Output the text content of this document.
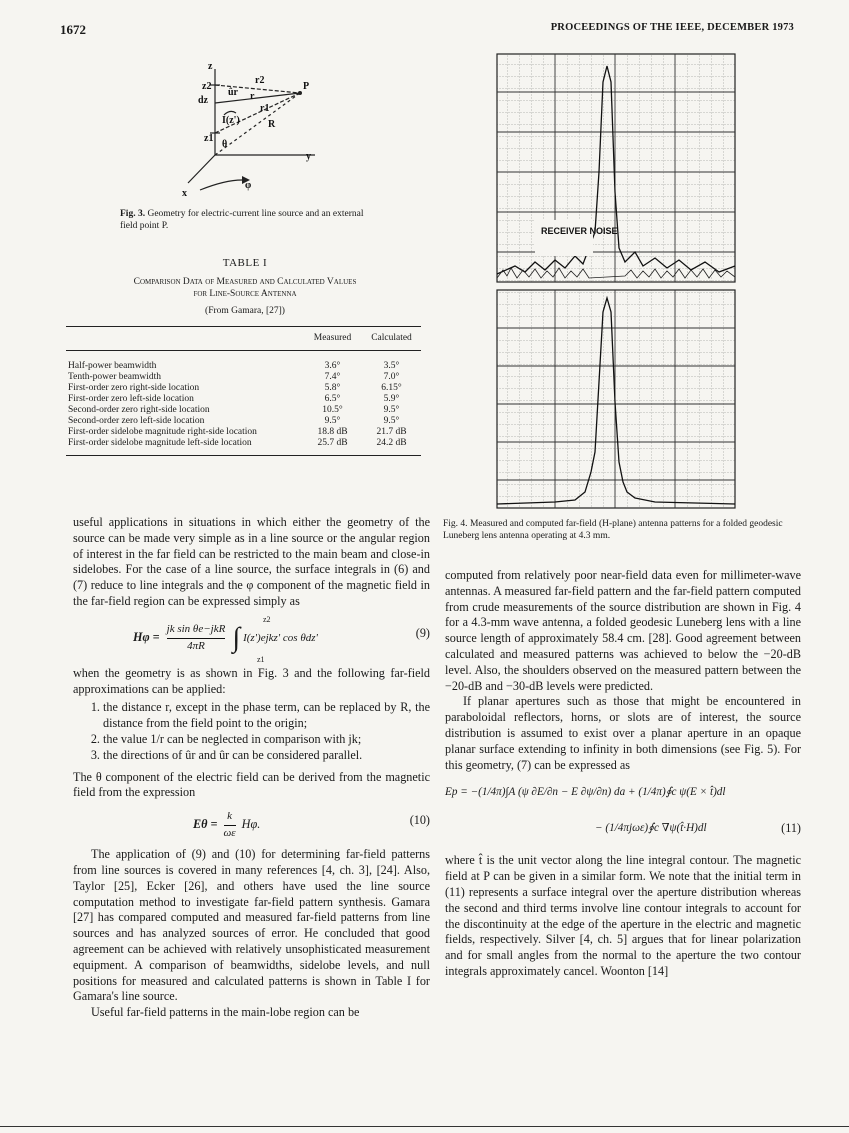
1672	PROCEEDINGS OF THE IEEE, DECEMBER 1973
z
z2
dz
I(z')
z1
r2
r
r1
R
P
y
x
φ
ûr
θ
Fig. 3. Geometry for electric-current line source and an external field point P.
TABLE I
Comparison Data of Measured and Calculated Values
for Line-Source Antenna
(From Gamara, [27])
	Measured	Calculated
Half-power beamwidth	3.6°	3.5°
Tenth-power beamwidth	7.4°	7.0°
First-order zero right-side location	5.8°	6.15°
First-order zero left-side location	6.5°	5.9°
Second-order zero right-side location	10.5°	9.5°
Second-order zero left-side location	9.5°	9.5°
First-order sidelobe magnitude right-side location	18.8 dB	21.7 dB
First-order sidelobe magnitude left-side location	25.7 dB	24.2 dB

RECEIVER NOISE
Fig. 4. Measured and computed far-field (H-plane) antenna patterns for a folded geodesic Luneberg lens antenna operating at 4.3 mm.

useful applications in situations in which either the geometry of the source can be made very simple as in a line source or the angular region of interest in the far field can be restricted to the main beam and close-in sidelobes. For the case of a line source, the surface integrals in (6) and (7) reduce to line integrals and the φ component of the magnetic field in the far-field region can be expressed simply as

Hφ =
jk sin θe−jkR
4πR ∫ I(z')ejkz' cos θdz'
z2
z1
(9)

when the geometry is as shown in Fig. 3 and the following far-field approximations can be applied:

1. the distance r, except in the phase term, can be replaced by R, the distance from the field point to the origin;
2. the value 1/r can be neglected in comparison with jk;
3. the directions of ûr and ûr can be considered parallel.

The θ component of the electric field can be derived from the magnetic field from the expression

$E\theta = \frac{k}{\omega\varepsilon} H\varphi$.	(10)

The application of (9) and (10) for determining far-field patterns from line sources is covered in many references [4, ch. 3], [24]. Also, Taylor [25], Ecker [26], and others have used the line source computation method to investigate far-field pattern synthesis. Gamara [27] has compared computed and measured far-field patterns from line sources and has analyzed sources of error. He concluded that good agreement can be achieved with relatively unsophisticated measurement equipment. A comparison of beamwidths, sidelobe levels, and null positions for measured and calculated patterns is shown in Table I for Gamara's line source.

Useful far-field patterns in the main-lobe region can be

computed from relatively poor near-field data even for millimeter-wave antennas. A measured far-field pattern and the far-field pattern computed from crude measurements of the source distribution are shown in Fig. 4 for a 4.3-mm wave antenna, a folded geodesic Luneberg lens with a line source length of approximately 58.4 cm. [28]. Good agreement between calculated and measured patterns was achieved to below the −20-dB level. Also, the shoulders observed on the measured pattern between the −20-dB and −30-dB levels were predicted.

If planar apertures such as those that might be encountered in paraboloidal reflectors, horns, or slots are of interest, the source distribution is assumed to exist over a planar aperture in an opaque planar surface extending to infinity in both dimensions (see Fig. 5). For this geometry, (7) can be expressed as

Ep = −(1/4π)∫A (ψ ∂E/∂n − E ∂ψ/∂n) da + (1/4π)∮c ψ(E × t̂)dl
− (1/4πjωε)∮c ∇ψ(t̂·H)dl	(11)

where t̂ is the unit vector along the line integral contour. The magnetic field at P can be given in a similar form. We note that the initial term in (11) represents a surface integral over the aperture distribution whereas the second and third terms involve line contour integrals to account for the discontinuity at the edge of the aperture in the electric and magnetic fields, respectively. Silver [4, ch. 5] argues that for linear polarization and for small angles from the normal to the aperture the two contour integrals approximately cancel. Woonton [14]
